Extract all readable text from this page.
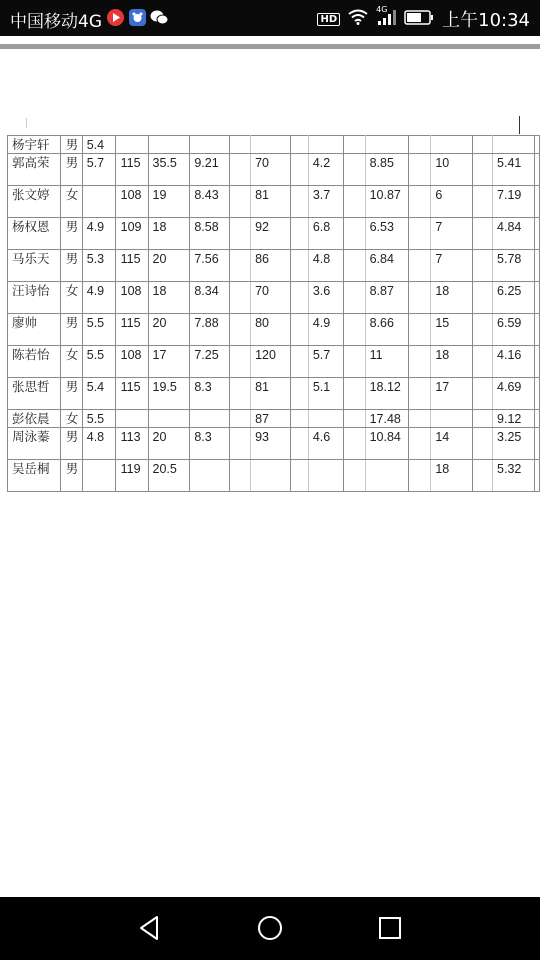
中国移动4G	HD
4G
上午10:34
杨宇轩	男	5.4														
郭高荣	男	5.7	115	35.5	9.21		70		4.2		8.85		10		5.41	
张文婷	女		108	19	8.43		81		3.7		10.87		6		7.19	
杨权恩	男	4.9	109	18	8.58		92		6.8		6.53		7		4.84	
马乐天	男	5.3	115	20	7.56		86		4.8		6.84		7		5.78	
汪诗怡	女	4.9	108	18	8.34		70		3.6		8.87		18		6.25	
廖帅	男	5.5	115	20	7.88		80		4.9		8.66		15		6.59	
陈若怡	女	5.5	108	17	7.25		120		5.7		11		18		4.16	
张思哲	男	5.4	115	19.5	8.3		81		5.1		18.12		17		4.69	
彭依晨	女	5.5					87				17.48				9.12	
周泳蓁	男	4.8	113	20	8.3		93		4.6		10.84		14		3.25	
吴岳桐	男		119	20.5									18		5.32	
